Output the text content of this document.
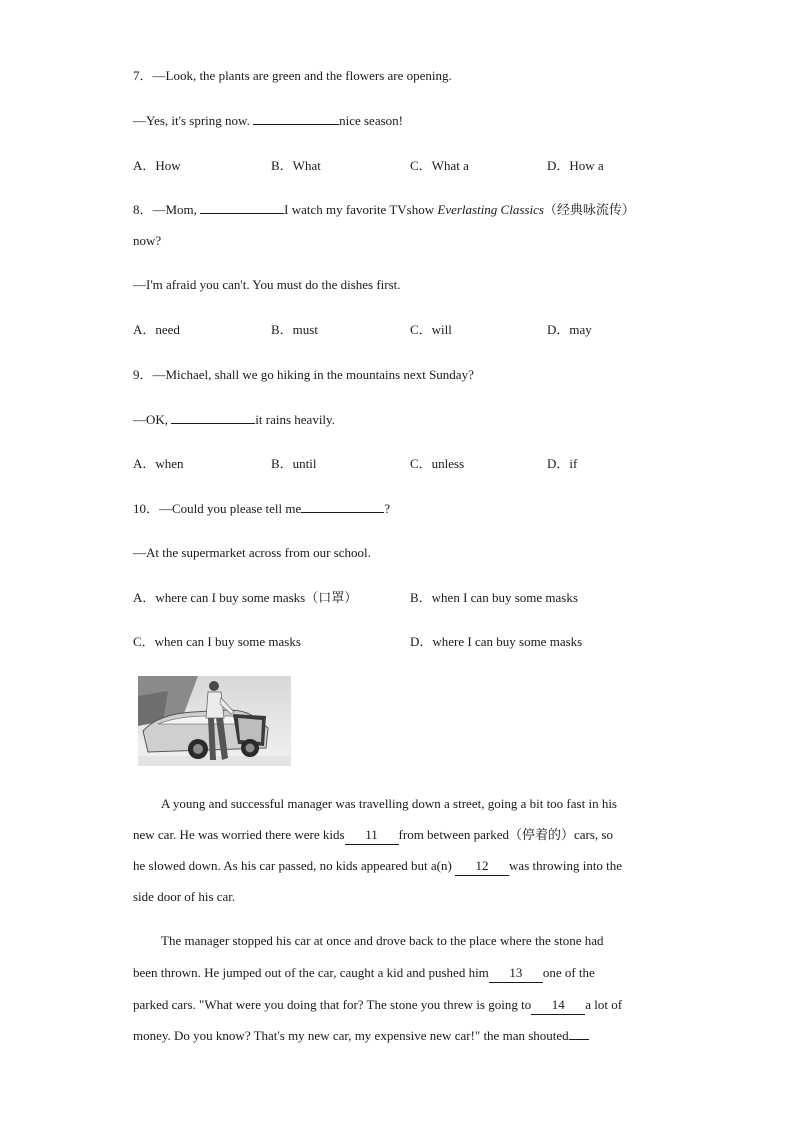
7．—Look, the plants are green and the flowers are opening.
—Yes, it's spring now.	nice season!
A．How	B．What	C．What a	D．How a
8．—Mom,	I watch my favorite TVshow Everlasting Classics（经典咏流传）
now?
—I'm afraid you can't. You must do the dishes first.
A．need	B．must	C．will	D．may
9．—Michael, shall we go hiking in the mountains next Sunday?
—OK,	it rains heavily.
A．when	B．until	C．unless	D．if
10．—Could you please tell me	?
—At the supermarket across from our school.
A．where can I buy some masks（口罩）	B．when I can buy some masks
C．when can I buy some masks	D．where I can buy some masks
A young and successful manager was travelling down a street, going a bit too fast in his
new car. He was worried there were kids 11 from between parked（停着的）cars, so
he slowed down. As his car passed, no kids appeared but a(n) 12 was throwing into the
side door of his car.
The manager stopped his car at once and drove back to the place where the stone had
been thrown. He jumped out of the car, caught a kid and pushed him 13 one of the
parked cars. "What were you doing that for? The stone you threw is going to 14 a lot of
money. Do you know? That's my new car, my expensive new car!" the man shouted
